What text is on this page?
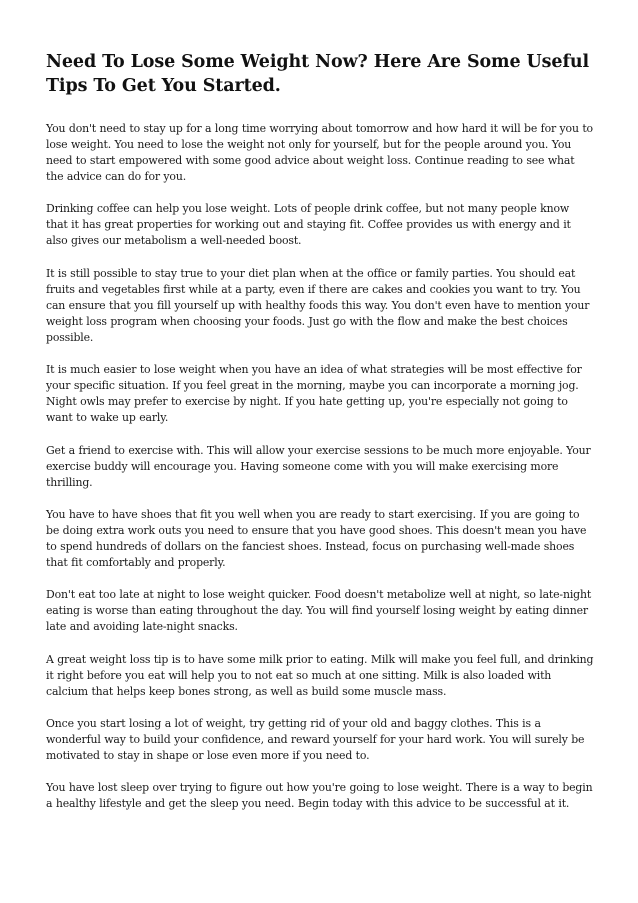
Need To Lose Some Weight Now? Here Are Some Useful Tips To Get You Started.

You don't need to stay up for a long time worrying about tomorrow and how hard it will be for you to lose weight. You need to lose the weight not only for yourself, but for the people around you. You need to start empowered with some good advice about weight loss. Continue reading to see what the advice can do for you.

Drinking coffee can help you lose weight. Lots of people drink coffee, but not many people know that it has great properties for working out and staying fit. Coffee provides us with energy and it also gives our metabolism a well-needed boost.

It is still possible to stay true to your diet plan when at the office or family parties. You should eat fruits and vegetables first while at a party, even if there are cakes and cookies you want to try. You can ensure that you fill yourself up with healthy foods this way. You don't even have to mention your weight loss program when choosing your foods. Just go with the flow and make the best choices possible.

It is much easier to lose weight when you have an idea of what strategies will be most effective for your specific situation. If you feel great in the morning, maybe you can incorporate a morning jog. Night owls may prefer to exercise by night. If you hate getting up, you're especially not going to want to wake up early.

Get a friend to exercise with. This will allow your exercise sessions to be much more enjoyable. Your exercise buddy will encourage you. Having someone come with you will make exercising more thrilling.

You have to have shoes that fit you well when you are ready to start exercising. If you are going to be doing extra work outs you need to ensure that you have good shoes. This doesn't mean you have to spend hundreds of dollars on the fanciest shoes. Instead, focus on purchasing well-made shoes that fit comfortably and properly.

Don't eat too late at night to lose weight quicker. Food doesn't metabolize well at night, so late-night eating is worse than eating throughout the day. You will find yourself losing weight by eating dinner late and avoiding late-night snacks.

A great weight loss tip is to have some milk prior to eating. Milk will make you feel full, and drinking it right before you eat will help you to not eat so much at one sitting. Milk is also loaded with calcium that helps keep bones strong, as well as build some muscle mass.

Once you start losing a lot of weight, try getting rid of your old and baggy clothes. This is a wonderful way to build your confidence, and reward yourself for your hard work. You will surely be motivated to stay in shape or lose even more if you need to.

You have lost sleep over trying to figure out how you're going to lose weight. There is a way to begin a healthy lifestyle and get the sleep you need. Begin today with this advice to be successful at it.
